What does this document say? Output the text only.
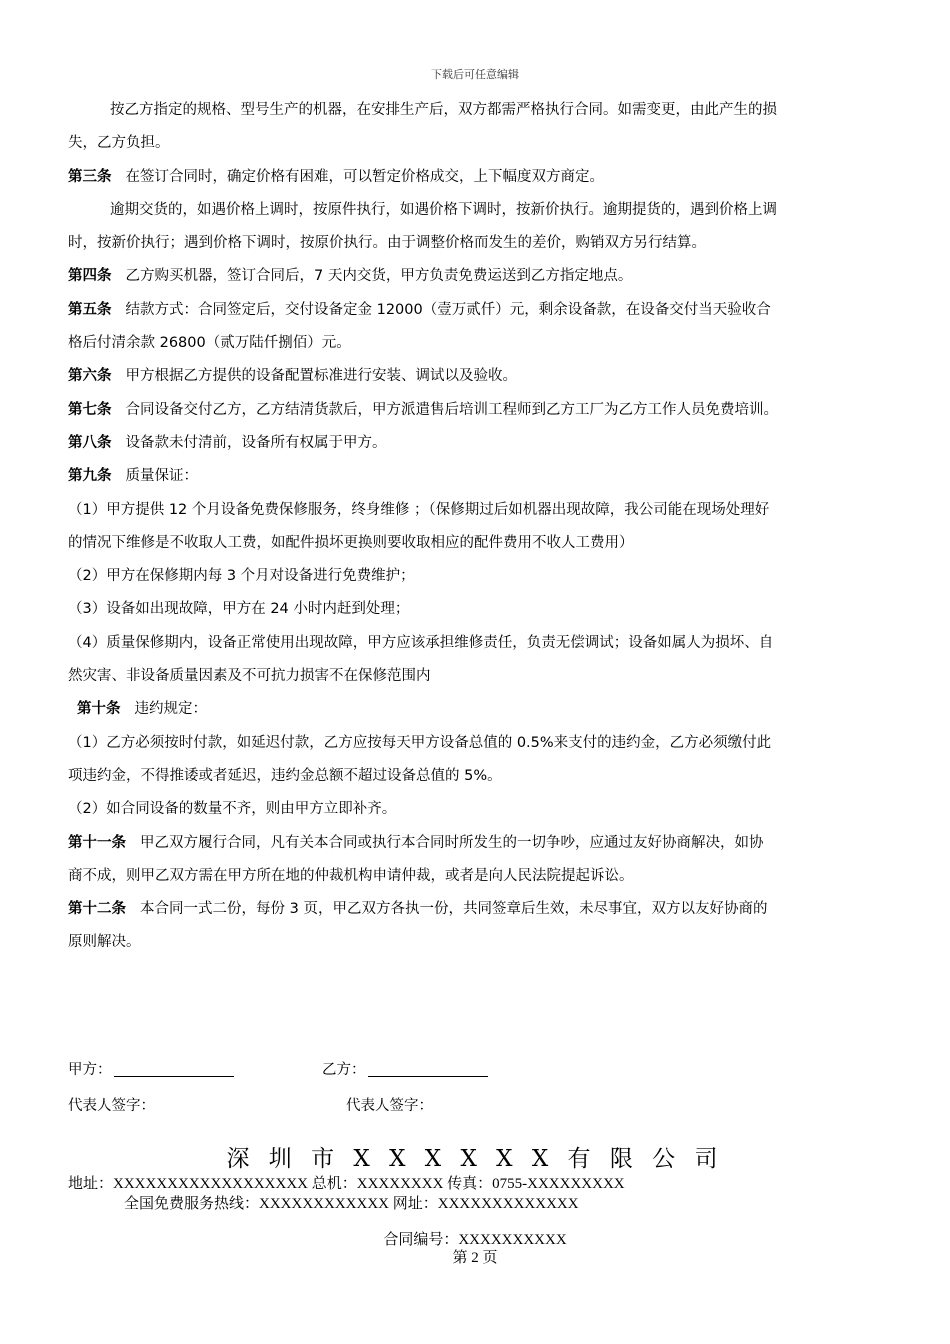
下载后可任意编辑
按乙方指定的规格、型号生产的机器，在安排生产后，双方都需严格执行合同。如需变更，由此产生的损
失，乙方负担。
第三条 在签订合同时，确定价格有困难，可以暂定价格成交，上下幅度双方商定。
逾期交货的，如遇价格上调时，按原件执行，如遇价格下调时，按新价执行。逾期提货的，遇到价格上调
时，按新价执行；遇到价格下调时，按原价执行。由于调整价格而发生的差价，购销双方另行结算。
第四条 乙方购买机器，签订合同后，7 天内交货，甲方负责免费运送到乙方指定地点。
第五条 结款方式：合同签定后，交付设备定金 12000（壹万贰仟）元，剩余设备款，在设备交付当天验收合
格后付清余款 26800（贰万陆仟捌佰）元。
第六条 甲方根据乙方提供的设备配置标准进行安装、调试以及验收。
第七条 合同设备交付乙方，乙方结清货款后，甲方派遣售后培训工程师到乙方工厂为乙方工作人员免费培训。
第八条 设备款未付清前，设备所有权属于甲方。
第九条 质量保证：
（1）甲方提供 12 个月设备免费保修服务，终身维修 ；（保修期过后如机器出现故障，我公司能在现场处理好
的情况下维修是不收取人工费，如配件损坏更换则要收取相应的配件费用不收人工费用）
（2）甲方在保修期内每 3 个月对设备进行免费维护；
（3）设备如出现故障，甲方在 24 小时内赶到处理；
（4）质量保修期内，设备正常使用出现故障，甲方应该承担维修责任，负责无偿调试；设备如属人为损坏、自
然灾害、非设备质量因素及不可抗力损害不在保修范围内
第十条 违约规定：
（1）乙方必须按时付款，如延迟付款，乙方应按每天甲方设备总值的 0.5%来支付的违约金，乙方必须缴付此
项违约金，不得推诿或者延迟，违约金总额不超过设备总值的 5%。
（2）如合同设备的数量不齐，则由甲方立即补齐。
第十一条 甲乙双方履行合同，凡有关本合同或执行本合同时所发生的一切争吵，应通过友好协商解决，如协
商不成，则甲乙双方需在甲方所在地的仲裁机构申请仲裁，或者是向人民法院提起诉讼。
第十二条 本合同一式二份，每份 3 页，甲乙双方各执一份，共同签章后生效，未尽事宜，双方以友好协商的
原则解决。
甲方：	乙方：
代表人签字：	代表人签字：
深 圳 市 X X X X X X 有 限 公 司
地址：XXXXXXXXXXXXXXXXXX 总机：XXXXXXXX 传真：0755-XXXXXXXXX
全国免费服务热线：XXXXXXXXXXXX 网址：XXXXXXXXXXXXX
合同编号：XXXXXXXXXX
第 2 页
